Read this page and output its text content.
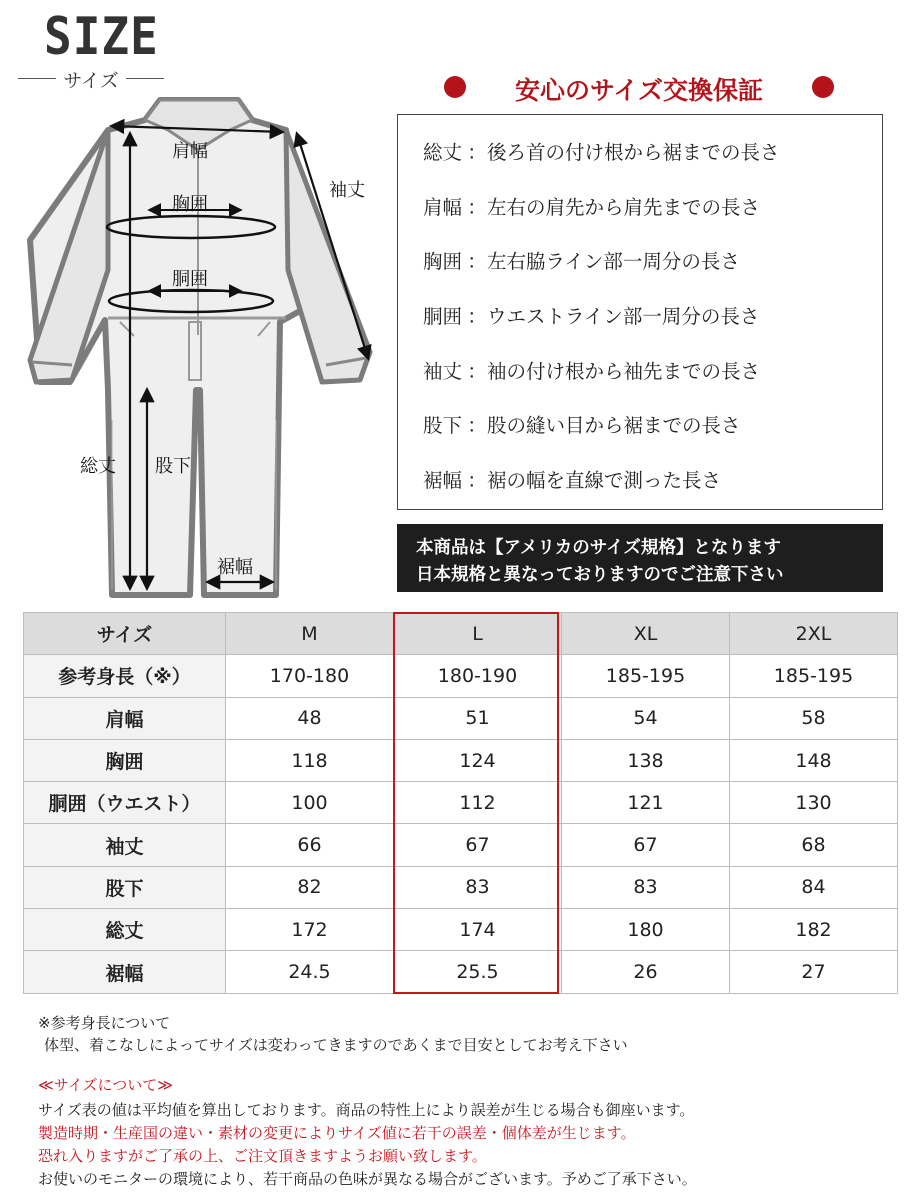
SIZE
サイズ
肩幅
胸囲
胴囲
袖丈
総丈 股下
裾幅
安心のサイズ交換保証
総丈 ：後ろ首の付け根から裾までの長さ
肩幅 ：左右の肩先から肩先までの長さ
胸囲 ：左右脇ライン部一周分の長さ
胴囲 ：ウエストライン部一周分の長さ
袖丈 ：袖の付け根から袖先までの長さ
股下 ：股の縫い目から裾までの長さ
裾幅 ：裾の幅を直線で測った長さ
本商品は【アメリカのサイズ規格】となります
日本規格と異なっておりますのでご注意下さい
サイズ	M	L	XL	2XL
参考身長（※）	170-180	180-190	185-195	185-195
肩幅	48	51	54	58
胸囲	118	124	138	148
胴囲（ウエスト）	100	112	121	130
袖丈	66	67	67	68
股下	82	83	83	84
総丈	172	174	180	182
裾幅	24.5	25.5	26	27
※参考身長について
体型、着こなしによってサイズは変わってきますのであくまで目安としてお考え下さい
≪サイズについて≫
サイズ表の値は平均値を算出しております。商品の特性上により誤差が生じる場合も御座います。
製造時期・生産国の違い・素材の変更によりサイズ値に若干の誤差・個体差が生じます。
恐れ入りますがご了承の上、ご注文頂きますようお願い致します。
お使いのモニターの環境により、若干商品の色味が異なる場合がございます。予めご了承下さい。
